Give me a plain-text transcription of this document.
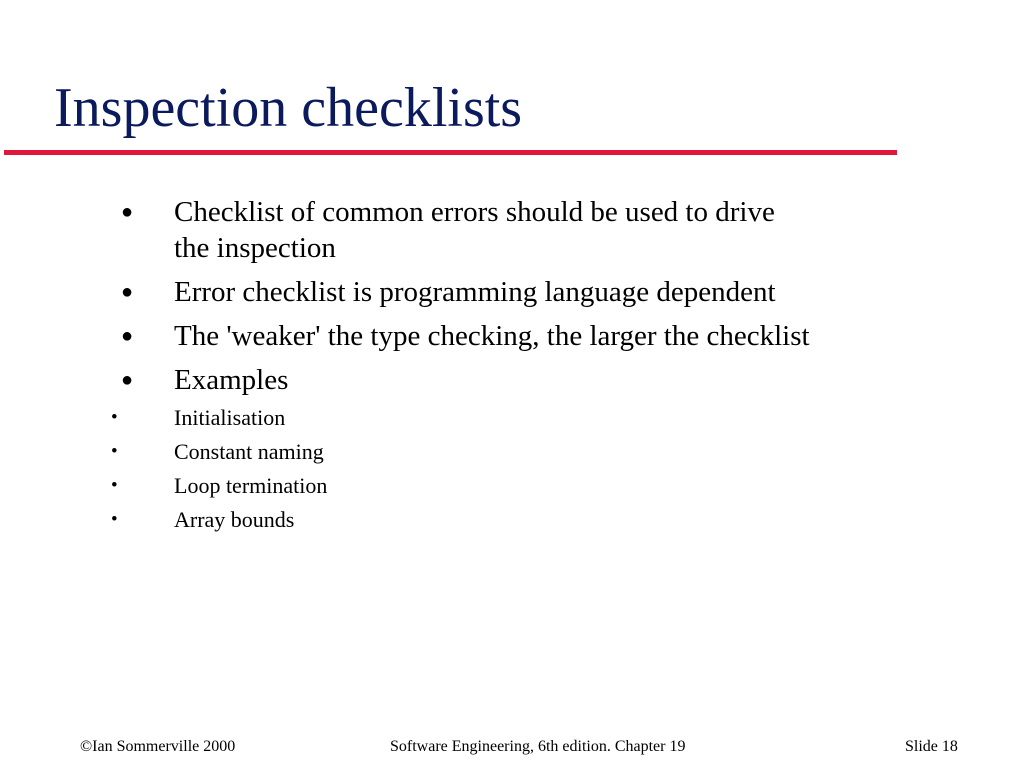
Inspection checklists
● Checklist of common errors should be used to drive the inspection
● Error checklist is programming language dependent
● The 'weaker' the type checking, the larger the checklist
● Examples
•	Initialisation
•	Constant naming
•	Loop termination
•	Array bounds
©Ian Sommerville 2000	Software Engineering, 6th edition. Chapter 19	Slide 18
